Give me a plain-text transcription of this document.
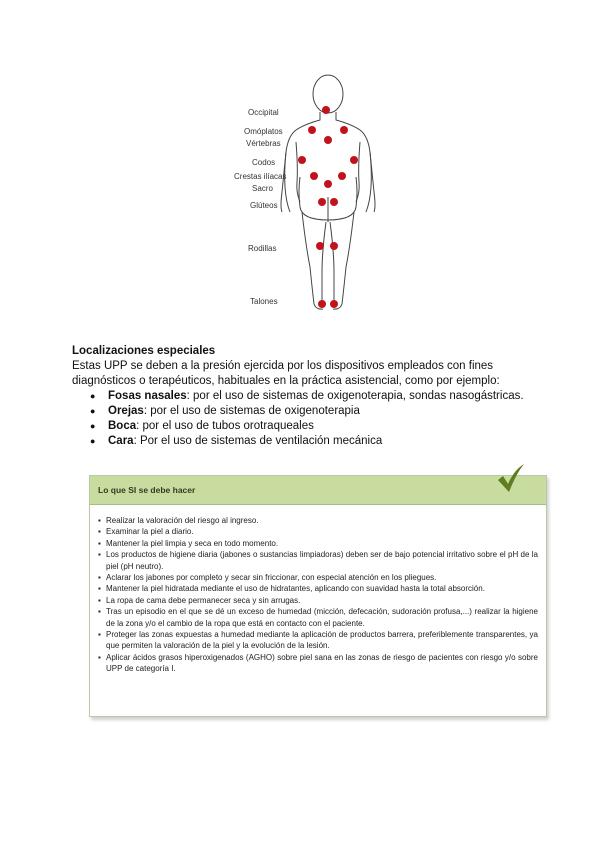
Occipital
Omóplatos
Vértebras
Codos
Crestas ilíacas
Sacro
Glúteos
Rodillas
Talones
Localizaciones especiales

Estas UPP se deben a la presión ejercida por los dispositivos empleados con fines diagnósticos o terapéuticos, habituales en la práctica asistencial, como por ejemplo:

● Fosas nasales: por el uso de sistemas de oxigenoterapia, sondas nasogástricas.
● Orejas: por el uso de sistemas de oxigenoterapia
● Boca: por el uso de tubos orotraqueales
● Cara: Por el uso de sistemas de ventilación mecánica
Lo que SI se debe hacer
▪ Realizar la valoración del riesgo al ingreso.
▪ Examinar la piel a diario.
▪ Mantener la piel limpia y seca en todo momento.
▪ Los productos de higiene diaria (jabones o sustancias limpiadoras) deben ser de bajo potencial irritativo sobre el pH de la piel (pH neutro).
▪ Aclarar los jabones por completo y secar sin friccionar, con especial atención en los pliegues.
▪ Mantener la piel hidratada mediante el uso de hidratantes, aplicando con suavidad hasta la total absorción.
▪ La ropa de cama debe permanecer seca y sin arrugas.
▪ Tras un episodio en el que se dé un exceso de humedad (micción, defecación, sudoración profusa,...) realizar la higiene de la zona y/o el cambio de la ropa que está en contacto con el paciente.
▪ Proteger las zonas expuestas a humedad mediante la aplicación de productos barrera, preferiblemente transparentes, ya que permiten la valoración de la piel y la evolución de la lesión.
▪ Aplicar ácidos grasos hiperoxigenados (AGHO) sobre piel sana en las zonas de riesgo de pacientes con riesgo y/o sobre UPP de categoría I.
